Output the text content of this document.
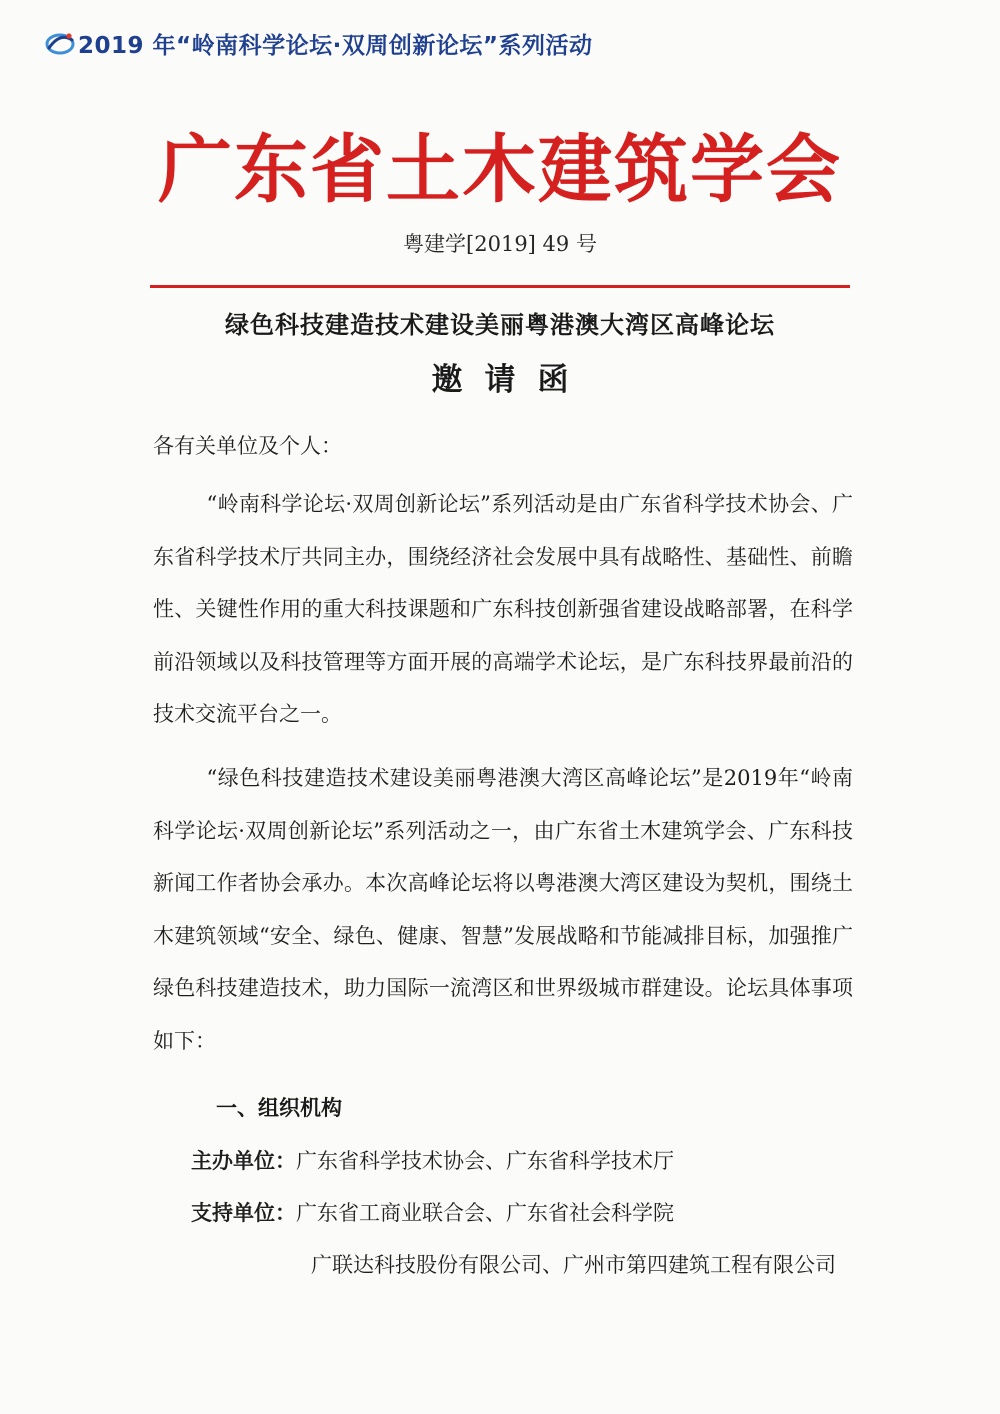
2019 年“岭南科学论坛·双周创新论坛”系列活动
广东省土木建筑学会
粤建学[2019] 49 号
绿色科技建造技术建设美丽粤港澳大湾区高峰论坛
邀请函
各有关单位及个人：
“岭南科学论坛·双周创新论坛”系列活动是由广东省科学技术协会、广东省科学技术厅共同主办，围绕经济社会发展中具有战略性、基础性、前瞻性、关键性作用的重大科技课题和广东科技创新强省建设战略部署，在科学前沿领域以及科技管理等方面开展的高端学术论坛，是广东科技界最前沿的技术交流平台之一。
“绿色科技建造技术建设美丽粤港澳大湾区高峰论坛”是2019年“岭南科学论坛·双周创新论坛”系列活动之一，由广东省土木建筑学会、广东科技新闻工作者协会承办。本次高峰论坛将以粤港澳大湾区建设为契机，围绕土木建筑领域“安全、绿色、健康、智慧”发展战略和节能减排目标，加强推广绿色科技建造技术，助力国际一流湾区和世界级城市群建设。论坛具体事项如下：
一、组织机构
主办单位：广东省科学技术协会、广东省科学技术厅
支持单位：广东省工商业联合会、广东省社会科学院
广联达科技股份有限公司、广州市第四建筑工程有限公司
